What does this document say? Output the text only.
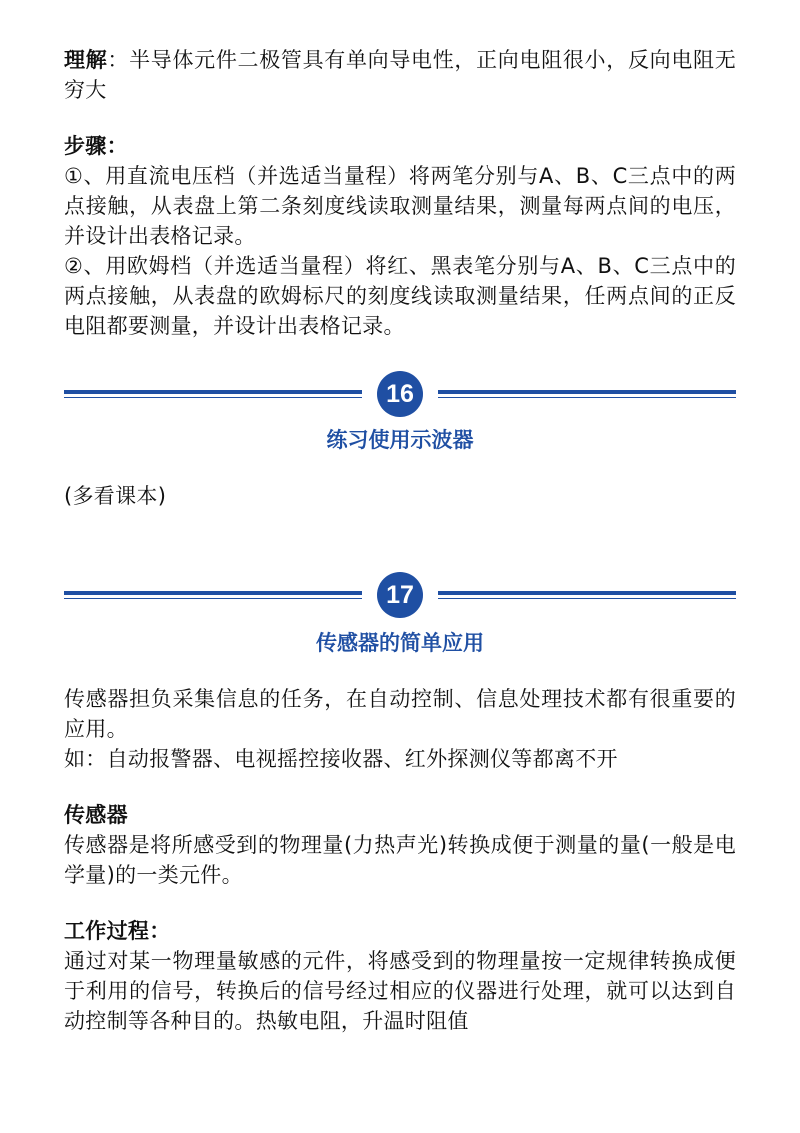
理解：半导体元件二极管具有单向导电性，正向电阻很小，反向电阻无穷大

步骤：

①、用直流电压档（并选适当量程）将两笔分别与A、B、C三点中的两点接触，从表盘上第二条刻度线读取测量结果，测量每两点间的电压，并设计出表格记录。

②、用欧姆档（并选适当量程）将红、黑表笔分别与A、B、C三点中的两点接触，从表盘的欧姆标尺的刻度线读取测量结果，任两点间的正反电阻都要测量，并设计出表格记录。

16
练习使用示波器

(多看课本)

17
传感器的简单应用

传感器担负采集信息的任务，在自动控制、信息处理技术都有很重要的应用。

如：自动报警器、电视摇控接收器、红外探测仪等都离不开

传感器

传感器是将所感受到的物理量(力热声光)转换成便于测量的量(一般是电学量)的一类元件。

工作过程：

通过对某一物理量敏感的元件，将感受到的物理量按一定规律转换成便于利用的信号，转换后的信号经过相应的仪器进行处理，就可以达到自动控制等各种目的。热敏电阻，升温时阻值
